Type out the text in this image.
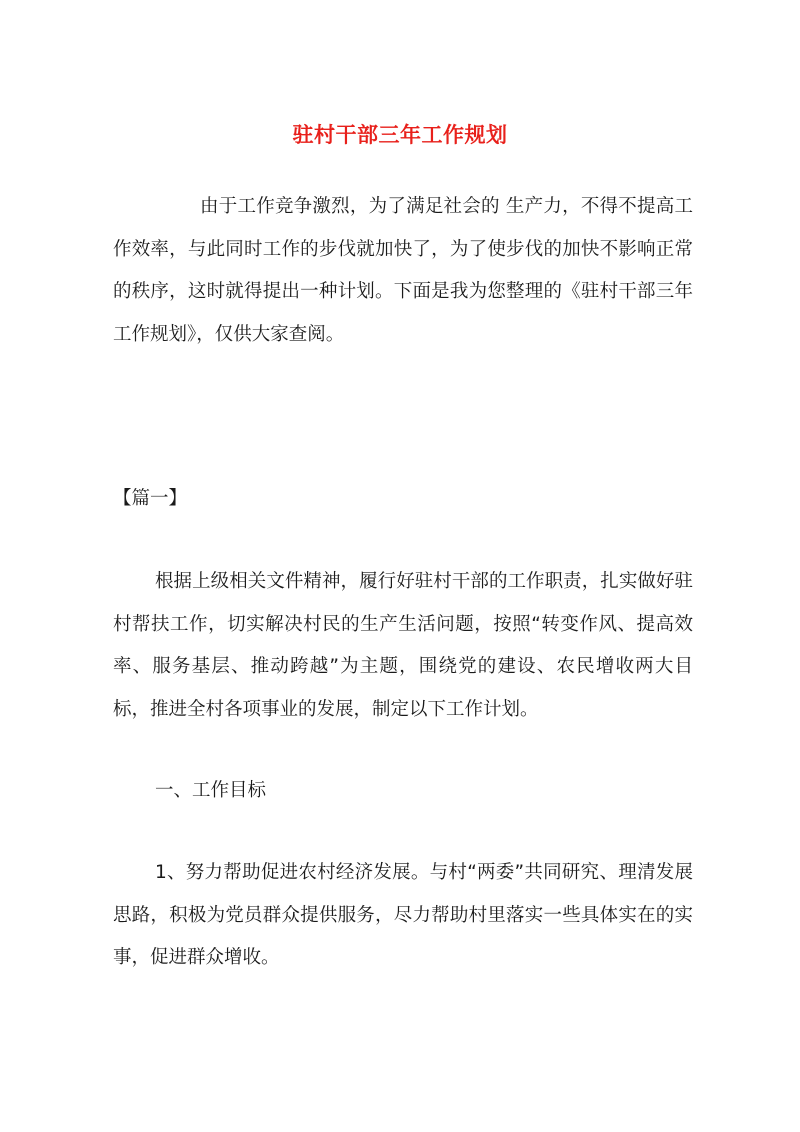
驻村干部三年工作规划

由于工作竞争激烈，为了满足社会的 生产力，不得不提高工作效率，与此同时工作的步伐就加快了，为了使步伐的加快不影响正常的秩序，这时就得提出一种计划。下面是我为您整理的《驻村干部三年工作规划》，仅供大家查阅。

【篇一】

根据上级相关文件精神，履行好驻村干部的工作职责，扎实做好驻村帮扶工作，切实解决村民的生产生活问题，按照“转变作风、提高效率、服务基层、推动跨越”为主题，围绕党的建设、农民增收两大目标，推进全村各项事业的发展，制定以下工作计划。

一、工作目标

1、努力帮助促进农村经济发展。与村“两委”共同研究、理清发展思路，积极为党员群众提供服务，尽力帮助村里落实一些具体实在的实事，促进群众增收。
